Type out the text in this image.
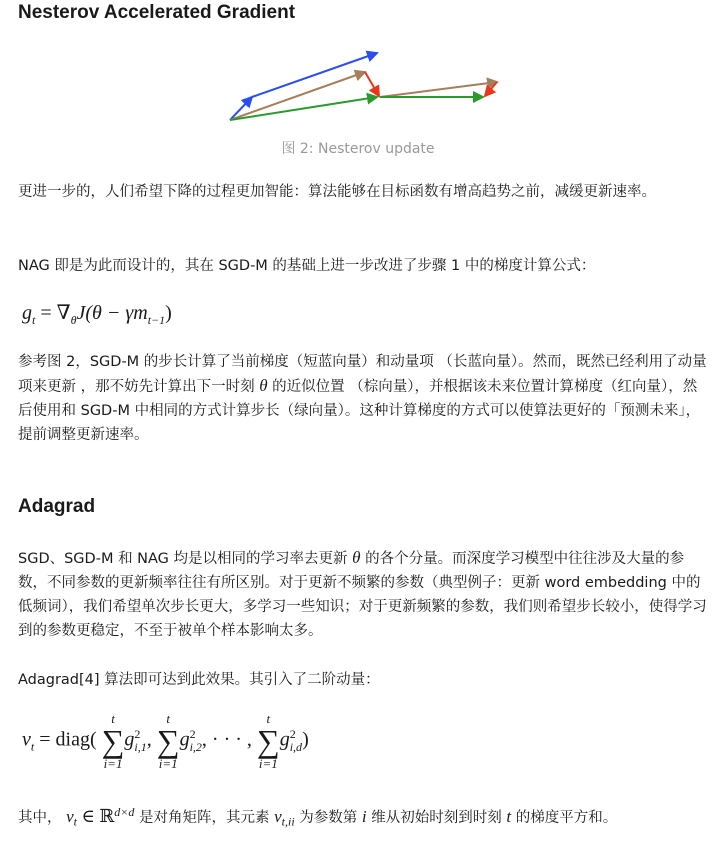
Nesterov Accelerated Gradient
图 2: Nesterov update

更进一步的，人们希望下降的过程更加智能：算法能够在目标函数有增高趋势之前，减缓更新速率。

NAG 即是为此而设计的，其在 SGD-M 的基础上进一步改进了步骤 1 中的梯度计算公式：

$g_t = \nabla_\theta J(\theta - \gamma m_{t-1})$

参考图 2，SGD-M 的步长计算了当前梯度（短蓝向量）和动量项 （长蓝向量）。然而，既然已经利用了动量项来更新 ，那不妨先计算出下一时刻 θ 的近似位置 （棕向量），并根据该未来位置计算梯度（红向量），然后使用和 SGD-M 中相同的方式计算步长（绿向量）。这种计算梯度的方式可以使算法更好的「预测未来」，提前调整更新速率。

Adagrad

SGD、SGD-M 和 NAG 均是以相同的学习率去更新 θ 的各个分量。而深度学习模型中往往涉及大量的参数，不同参数的更新频率往往有所区别。对于更新不频繁的参数（典型例子：更新 word embedding 中的低频词），我们希望单次步长更大，多学习一些知识；对于更新频繁的参数，我们则希望步长较小，使得学习到的参数更稳定，不至于被单个样本影响太多。

Adagrad[4] 算法即可达到此效果。其引入了二阶动量：

$v_t$ = diag(
t
∑
i=1
$g^2_{i,1}$,
t
∑
i=1
$g^2_{i,2}$, · · · ,
t
∑
i=1
$g^2_{i,d}$)

其中， $v_t$ ∈ ℝ$^{d\times d}$ 是对角矩阵，其元素 $v_{t,ii}$ 为参数第 i 维从初始时刻到时刻 t 的梯度平方和。
